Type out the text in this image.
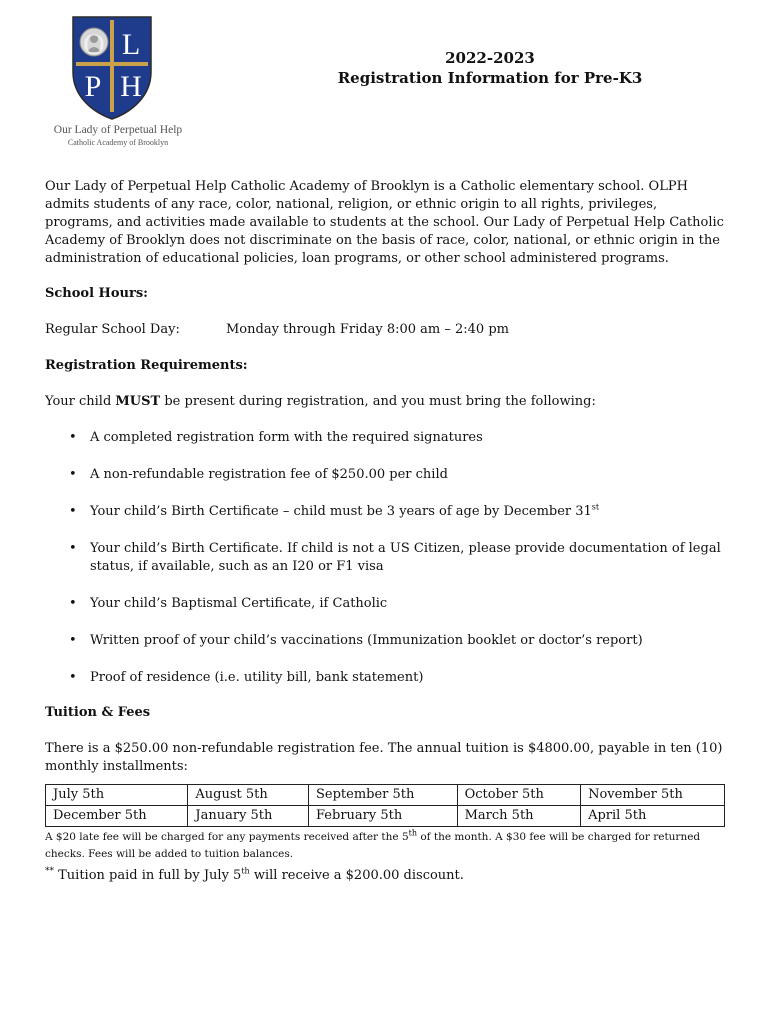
O L
P H
Our Lady of Perpetual Help
Catholic Academy of Brooklyn
2022-2023
Registration Information for Pre-K3

Our Lady of Perpetual Help Catholic Academy of Brooklyn is a Catholic elementary school. OLPH admits students of any race, color, national, religion, or ethnic origin to all rights, privileges, programs, and activities made available to students at the school. Our Lady of Perpetual Help Catholic Academy of Brooklyn does not discriminate on the basis of race, color, national, or ethnic origin in the administration of educational policies, loan programs, or other school administered programs.

School Hours:

Regular School Day:	Monday through Friday 8:00 am – 2:40 pm

Registration Requirements:

Your child MUST be present during registration, and you must bring the following:

• A completed registration form with the required signatures
• A non-refundable registration fee of $250.00 per child
• Your child’s Birth Certificate – child must be 3 years of age by December 31st
• Your child’s Birth Certificate. If child is not a US Citizen, please provide documentation of legal status, if available, such as an I20 or F1 visa
• Your child’s Baptismal Certificate, if Catholic
• Written proof of your child’s vaccinations (Immunization booklet or doctor’s report)
• Proof of residence (i.e. utility bill, bank statement)

Tuition & Fees

There is a $250.00 non-refundable registration fee. The annual tuition is $4800.00, payable in ten (10) monthly installments:

July 5th	August 5th	September 5th	October 5th	November 5th
December 5th	January 5th	February 5th	March 5th	April 5th
A $20 late fee will be charged for any payments received after the 5th of the month. A $30 fee will be charged for returned checks. Fees will be added to tuition balances.
** Tuition paid in full by July 5th will receive a $200.00 discount.
